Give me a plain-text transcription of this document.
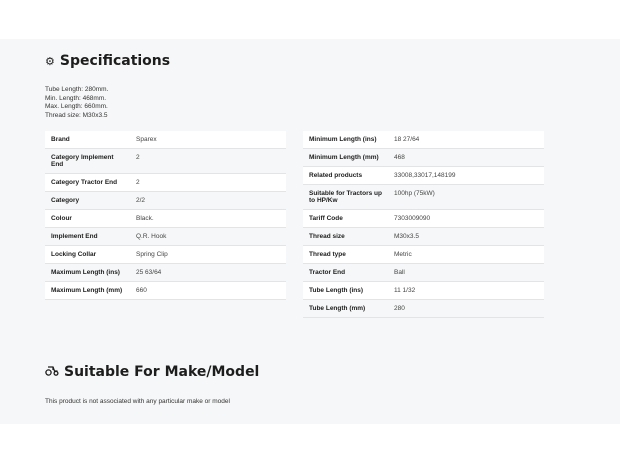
⚙ Specifications
Tube Length: 280mm.
Min. Length: 468mm.
Max. Length: 660mm.
Thread size: M30x3.5
Brand	Sparex
Category Implement End	2
Category Tractor End	2
Category	2/2
Colour	Black.
Implement End	Q.R. Hook
Locking Collar	Spring Clip
Maximum Length (ins)	25 63/64
Maximum Length (mm)	660
Minimum Length (ins)	18 27/64
Minimum Length (mm)	468
Related products	33008,33017,148199
Suitable for Tractors up to HP/Kw	100hp (75kW)
Tariff Code	7303009090
Thread size	M30x3.5
Thread type	Metric
Tractor End	Ball
Tube Length (ins)	11 1/32
Tube Length (mm)	280
Suitable For Make/Model
This product is not associated with any particular make or model
